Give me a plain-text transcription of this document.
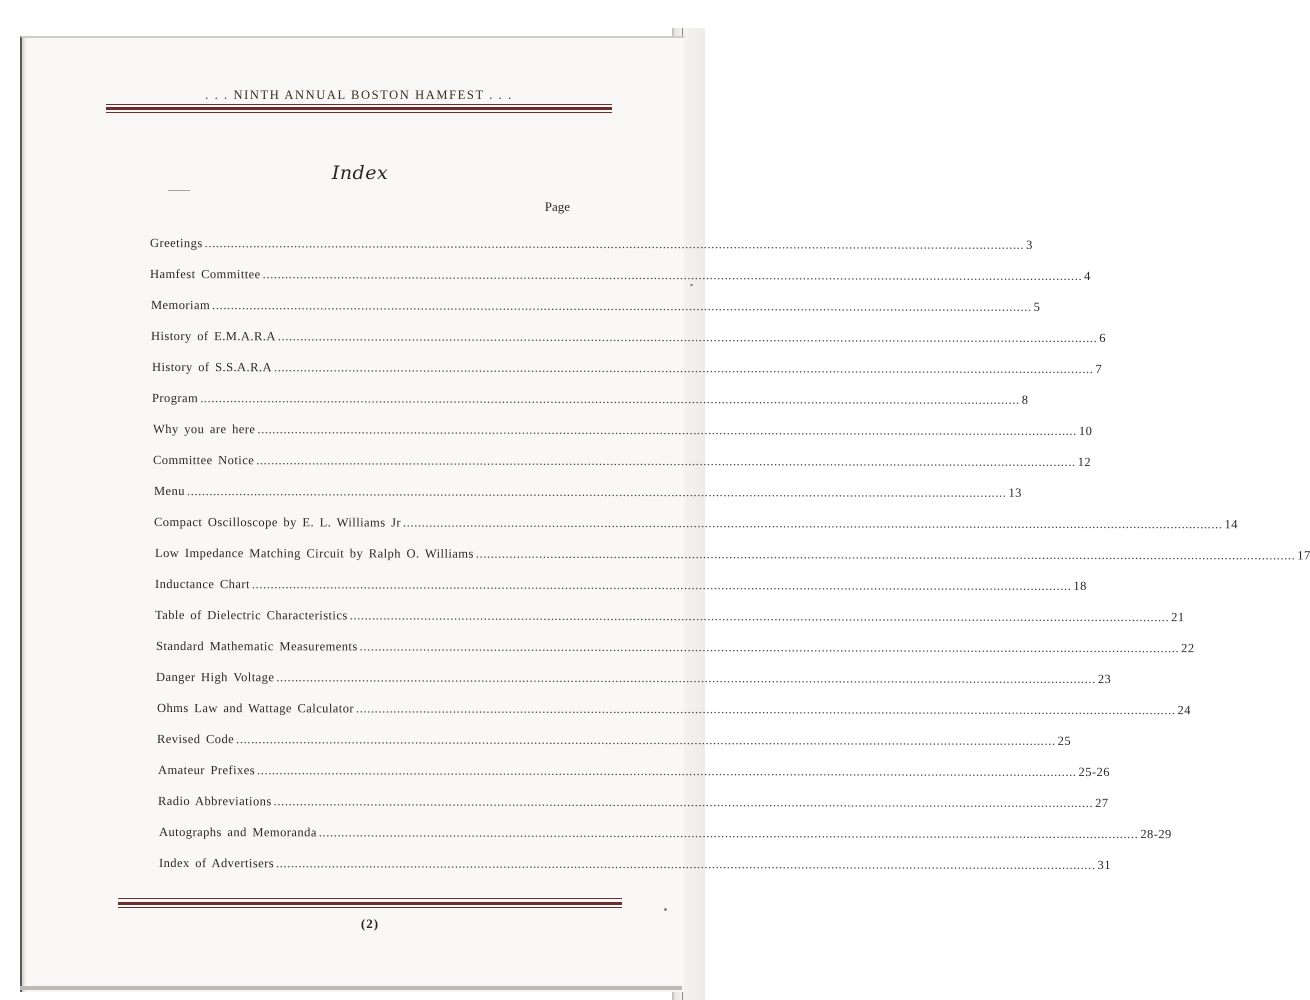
. . . NINTH ANNUAL BOSTON HAMFEST . . .
Index
Page
Greetings ............................................................................................................................................................................................................................ 3
Hamfest Committee ............................................................................................................................................................................................................................ 4
Memoriam ............................................................................................................................................................................................................................ 5
History of E.M.A.R.A ............................................................................................................................................................................................................................ 6
History of S.S.A.R.A ............................................................................................................................................................................................................................ 7
Program ............................................................................................................................................................................................................................ 8
Why you are here ............................................................................................................................................................................................................................ 10
Committee Notice ............................................................................................................................................................................................................................ 12
Menu ............................................................................................................................................................................................................................ 13
Compact Oscilloscope by E. L. Williams Jr ............................................................................................................................................................................................................................ 14
Low Impedance Matching Circuit by Ralph O. Williams ............................................................................................................................................................................................................................ 17
Inductance Chart ............................................................................................................................................................................................................................ 18
Table of Dielectric Characteristics ............................................................................................................................................................................................................................ 21
Standard Mathematic Measurements ............................................................................................................................................................................................................................ 22
Danger High Voltage ............................................................................................................................................................................................................................ 23
Ohms Law and Wattage Calculator ............................................................................................................................................................................................................................ 24
Revised Code ............................................................................................................................................................................................................................ 25
Amateur Prefixes ............................................................................................................................................................................................................................ 25-26
Radio Abbreviations ............................................................................................................................................................................................................................ 27
Autographs and Memoranda ............................................................................................................................................................................................................................ 28-29
Index of Advertisers ............................................................................................................................................................................................................................ 31
(2)
